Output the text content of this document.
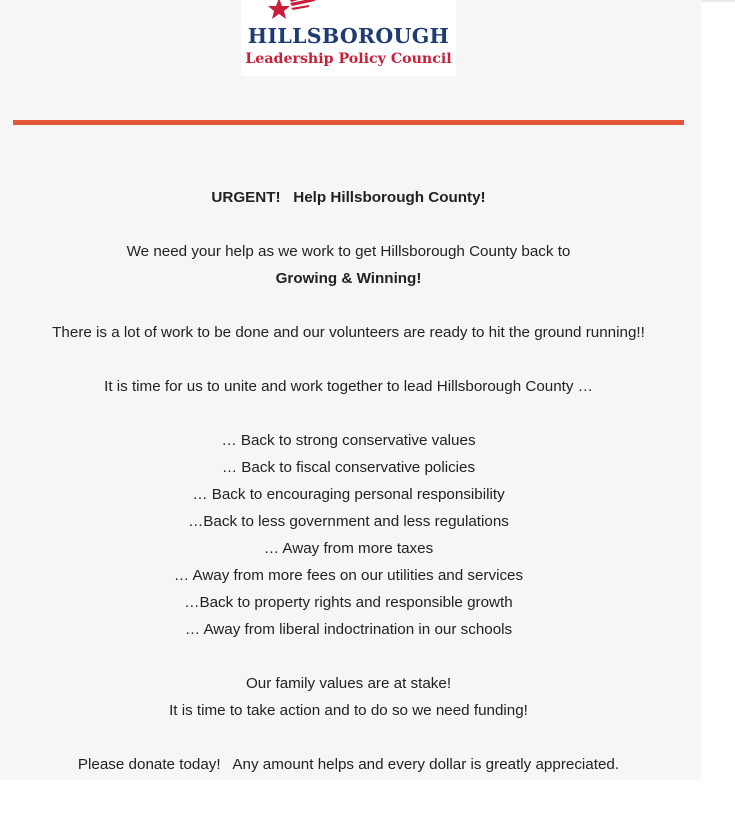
HILLSBOROUGH
Leadership Policy Council

URGENT! Help Hillsborough County!

We need your help as we work to get Hillsborough County back to

Growing & Winning!

There is a lot of work to be done and our volunteers are ready to hit the ground running!!

It is time for us to unite and work together to lead Hillsborough County …

… Back to strong conservative values

… Back to fiscal conservative policies

… Back to encouraging personal responsibility

…Back to less government and less regulations

… Away from more taxes

… Away from more fees on our utilities and services

…Back to property rights and responsible growth

… Away from liberal indoctrination in our schools

Our family values are at stake!

It is time to take action and to do so we need funding!

Please donate today! Any amount helps and every dollar is greatly appreciated.
